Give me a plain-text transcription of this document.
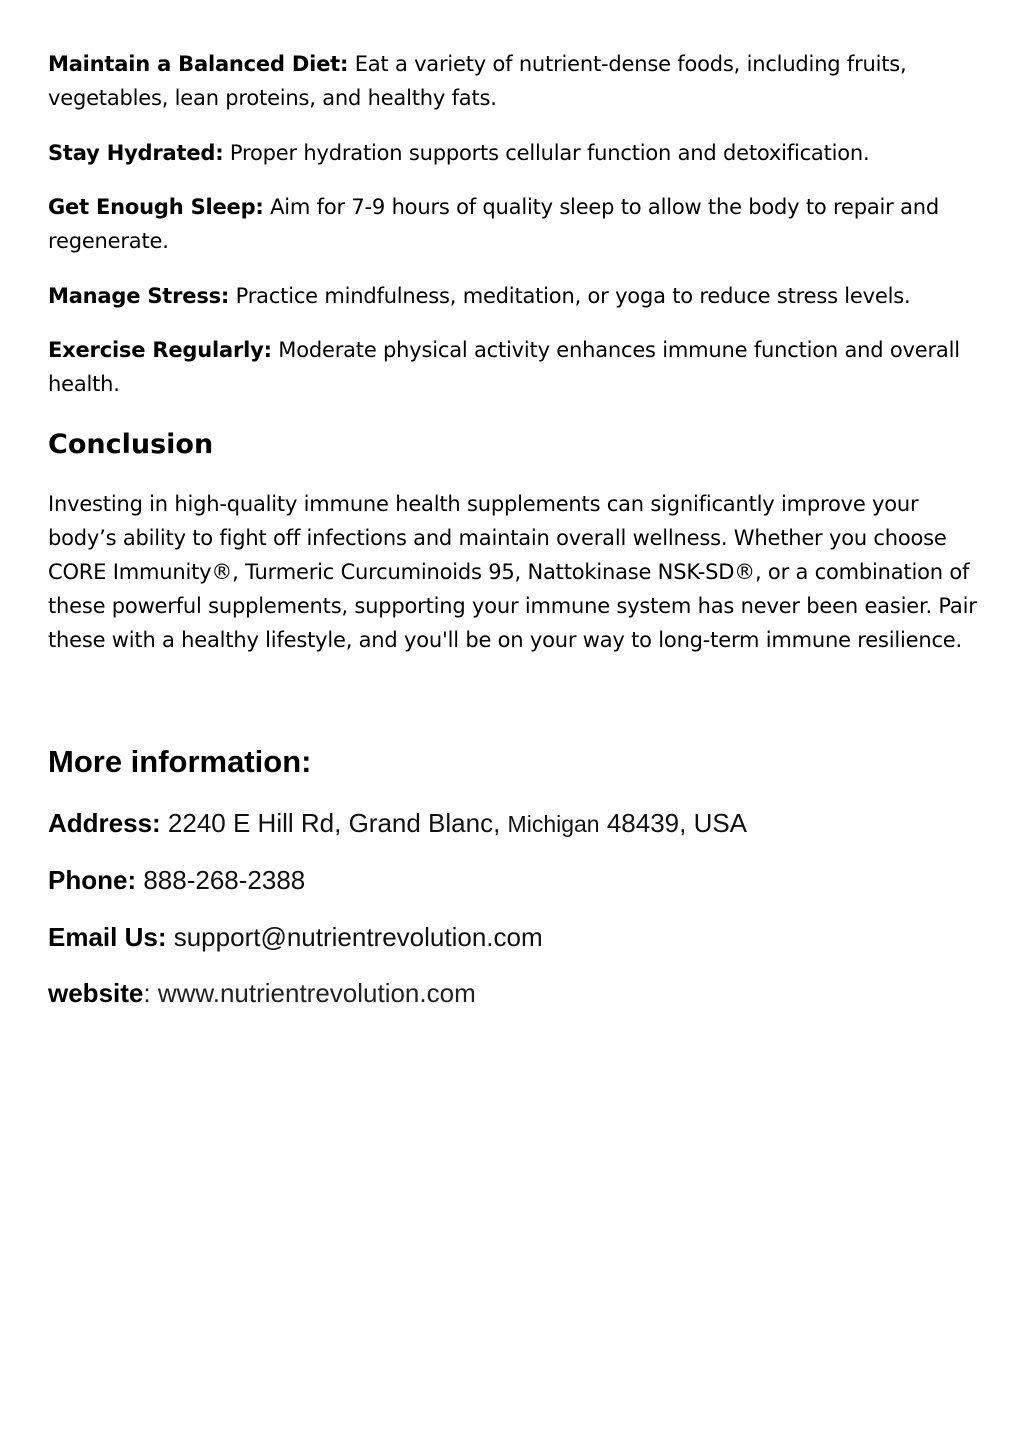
Maintain a Balanced Diet: Eat a variety of nutrient-dense foods, including fruits, vegetables, lean proteins, and healthy fats.

Stay Hydrated: Proper hydration supports cellular function and detoxification.

Get Enough Sleep: Aim for 7-9 hours of quality sleep to allow the body to repair and regenerate.

Manage Stress: Practice mindfulness, meditation, or yoga to reduce stress levels.

Exercise Regularly: Moderate physical activity enhances immune function and overall health.

Conclusion

Investing in high-quality immune health supplements can significantly improve your body’s ability to fight off infections and maintain overall wellness. Whether you choose CORE Immunity®, Turmeric Curcuminoids 95, Nattokinase NSK-SD®, or a combination of these powerful supplements, supporting your immune system has never been easier. Pair these with a healthy lifestyle, and you'll be on your way to long-term immune resilience.

More information:

Address: 2240 E Hill Rd, Grand Blanc, Michigan 48439, USA

Phone: 888-268-2388

Email Us: support@nutrientrevolution.com

website: www.nutrientrevolution.com
